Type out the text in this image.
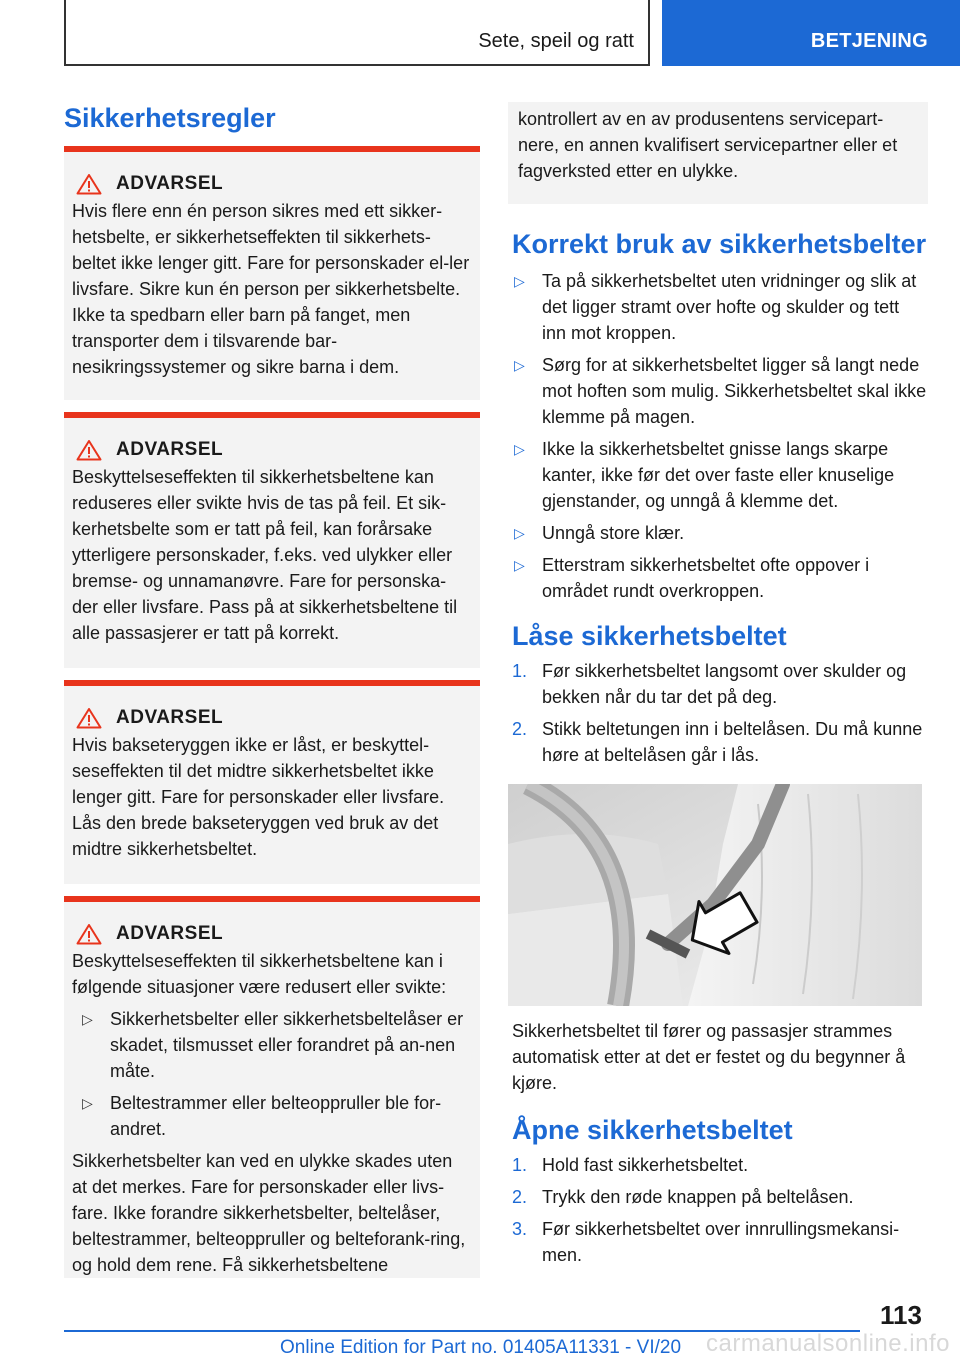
Sete, speil og ratt	BETJENING
Sikkerhetsregler
ADVARSEL

Hvis flere enn én person sikres med ett sikker-hetsbelte, er sikkerhetseffekten til sikkerhets-beltet ikke lenger gitt. Fare for personskader el-ler livsfare. Sikre kun én person per sikkerhetsbelte. Ikke ta spedbarn eller barn på fanget, men transporter dem i tilsvarende bar-nesikringssystemer og sikre barna i dem.

ADVARSEL

Beskyttelseseffekten til sikkerhetsbeltene kan reduseres eller svikte hvis de tas på feil. Et sik-kerhetsbelte som er tatt på feil, kan forårsake ytterligere personskader, f.eks. ved ulykker eller bremse- og unnamanøvre. Fare for personska-der eller livsfare. Pass på at sikkerhetsbeltene til alle passasjerer er tatt på korrekt.

ADVARSEL

Hvis bakseteryggen ikke er låst, er beskyttel-seseffekten til det midtre sikkerhetsbeltet ikke lenger gitt. Fare for personskader eller livsfare. Lås den brede bakseteryggen ved bruk av det midtre sikkerhetsbeltet.

ADVARSEL

Beskyttelseseffekten til sikkerhetsbeltene kan i følgende situasjoner være redusert eller svikte:

▷ Sikkerhetsbelter eller sikkerhetsbeltelåser er skadet, tilsmusset eller forandret på an-nen måte.
▷ Beltestrammer eller belteoppruller ble for-andret.

Sikkerhetsbelter kan ved en ulykke skades uten at det merkes. Fare for personskader eller livs-fare. Ikke forandre sikkerhetsbelter, beltelåser, beltestrammer, belteoppruller og belteforank-ring, og hold dem rene. Få sikkerhetsbeltene

kontrollert av en av produsentens servicepart-nere, en annen kvalifisert servicepartner eller et fagverksted etter en ulykke.

Korrekt bruk av sikkerhetsbelter
▷ Ta på sikkerhetsbeltet uten vridninger og slik at det ligger stramt over hofte og skulder og tett inn mot kroppen.
▷ Sørg for at sikkerhetsbeltet ligger så langt nede mot hoften som mulig. Sikkerhetsbeltet skal ikke klemme på magen.
▷ Ikke la sikkerhetsbeltet gnisse langs skarpe kanter, ikke før det over faste eller knuselige gjenstander, og unngå å klemme det.
▷ Unngå store klær.
▷ Etterstram sikkerhetsbeltet ofte oppover i området rundt overkroppen.
Låse sikkerhetsbeltet
1. Før sikkerhetsbeltet langsomt over skulder og bekken når du tar det på deg.
2. Stikk beltetungen inn i beltelåsen. Du må kunne høre at beltelåsen går i lås.

Sikkerhetsbeltet til fører og passasjer strammes automatisk etter at det er festet og du begynner å kjøre.

Åpne sikkerhetsbeltet
1. Hold fast sikkerhetsbeltet.
2. Trykk den røde knappen på beltelåsen.
3. Før sikkerhetsbeltet over innrullingsmekansi-men.
113
Online Edition for Part no. 01405A11331 - VI/20 carmanualsonline.info
